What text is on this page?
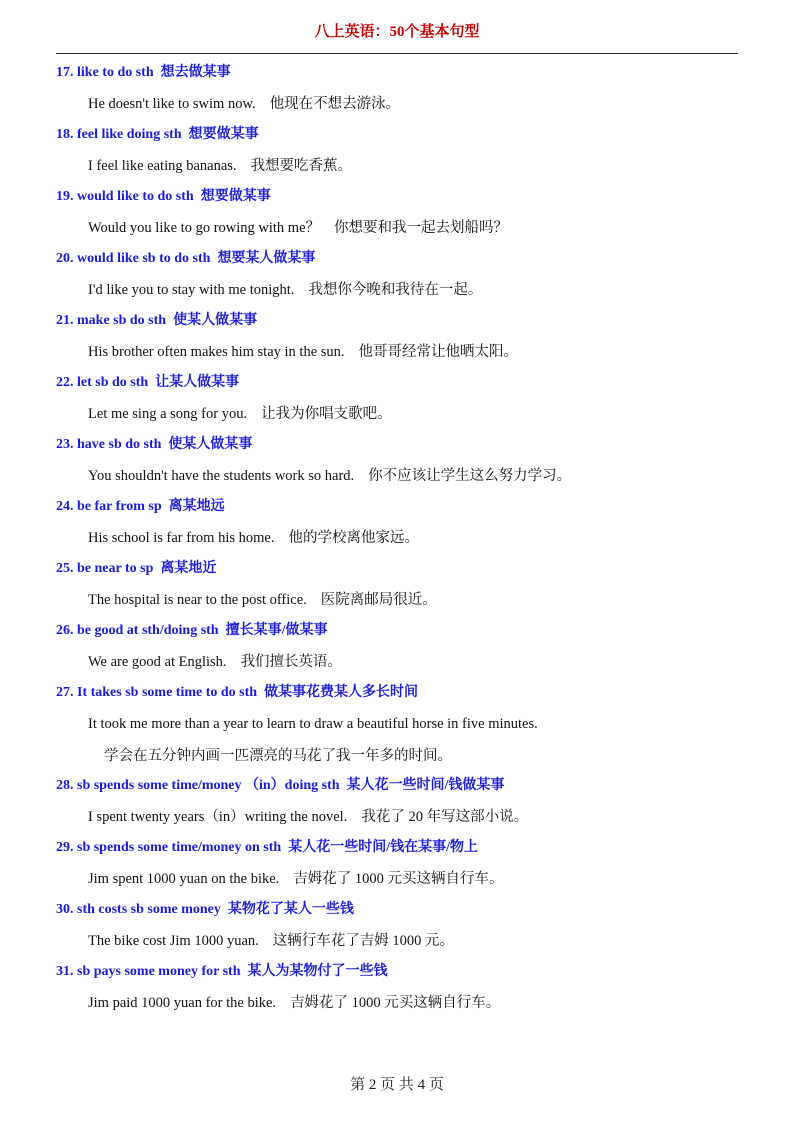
八上英语：50个基本句型
17. like to do sth 想去做某事
He doesn't like to swim now. 他现在不想去游泳。
18. feel like doing sth 想要做某事
I feel like eating bananas. 我想要吃香蕉。
19. would like to do sth 想要做某事
Would you like to go rowing with me？ 你想要和我一起去划船吗？
20. would like sb to do sth 想要某人做某事
I'd like you to stay with me tonight. 我想你今晚和我待在一起。
21. make sb do sth 使某人做某事
His brother often makes him stay in the sun. 他哥哥经常让他晒太阳。
22. let sb do sth 让某人做某事
Let me sing a song for you. 让我为你唱支歌吧。
23. have sb do sth 使某人做某事
You shouldn't have the students work so hard. 你不应该让学生这么努力学习。
24. be far from sp 离某地远
His school is far from his home. 他的学校离他家远。
25. be near to sp 离某地近
The hospital is near to the post office. 医院离邮局很近。
26. be good at sth/doing sth 擅长某事/做某事
We are good at English. 我们擅长英语。
27. It takes sb some time to do sth 做某事花费某人多长时间
It took me more than a year to learn to draw a beautiful horse in five minutes.
学会在五分钟内画一匹漂亮的马花了我一年多的时间。
28. sb spends some time/money （in）doing sth 某人花一些时间/钱做某事
I spent twenty years（in）writing the novel. 我花了 20 年写这部小说。
29. sb spends some time/money on sth 某人花一些时间/钱在某事/物上
Jim spent 1000 yuan on the bike. 吉姆花了 1000 元买这辆自行车。
30. sth costs sb some money 某物花了某人一些钱
The bike cost Jim 1000 yuan. 这辆行车花了吉姆 1000 元。
31. sb pays some money for sth 某人为某物付了一些钱
Jim paid 1000 yuan for the bike. 吉姆花了 1000 元买这辆自行车。
第 2 页 共 4 页
